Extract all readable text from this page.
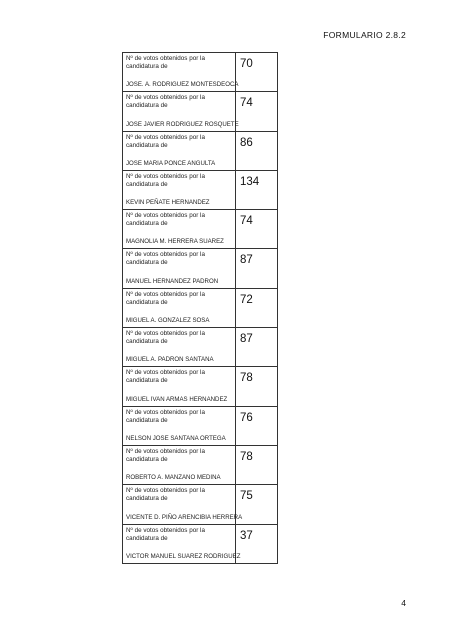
FORMULARIO 2.8.2
Nº de votos obtenidos por la
candidatura de
JOSE. A. RODRIGUEZ MONTESDEOCA	70

Nº de votos obtenidos por la
candidatura de
JOSE JAVIER RODRIGUEZ ROSQUETE	74

Nº de votos obtenidos por la
candidatura de
JOSE MARIA PONCE ANGULTA	86

Nº de votos obtenidos por la
candidatura de
KEVIN PEÑATE HERNANDEZ	134

Nº de votos obtenidos por la
candidatura de
MAGNOLIA M. HERRERA SUAREZ	74

Nº de votos obtenidos por la
candidatura de
MANUEL HERNANDEZ PADRON	87

Nº de votos obtenidos por la
candidatura de
MIGUEL A. GONZALEZ SOSA	72

Nº de votos obtenidos por la
candidatura de
MIGUEL A. PADRON SANTANA	87

Nº de votos obtenidos por la
candidatura de
MIGUEL IVAN ARMAS HERNANDEZ	78

Nº de votos obtenidos por la
candidatura de
NELSON JOSE SANTANA ORTEGA	76

Nº de votos obtenidos por la
candidatura de
ROBERTO A. MANZANO MEDINA	78

Nº de votos obtenidos por la
candidatura de
VICENTE D. PIÑO ARENCIBIA HERRERA	75

Nº de votos obtenidos por la
candidatura de
VICTOR MANUEL SUAREZ RODRIGUEZ	37
4
